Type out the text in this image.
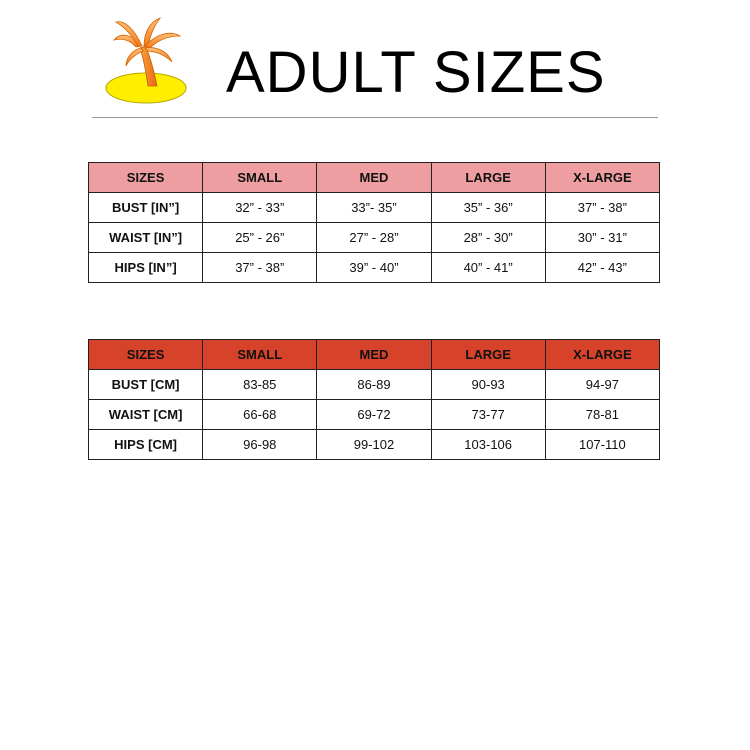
ADULT SIZES
SIZES	SMALL	MED	LARGE	X-LARGE
BUST [IN”]	32” - 33”	33”- 35”	35” - 36”	37” - 38”
WAIST [IN”]	25” - 26”	27” - 28”	28” - 30”	30” - 31”
HIPS [IN”]	37” - 38”	39” - 40”	40” - 41”	42” - 43”
SIZES	SMALL	MED	LARGE	X-LARGE
BUST [CM]	83-85	86-89	90-93	94-97
WAIST [CM]	66-68	69-72	73-77	78-81
HIPS [CM]	96-98	99-102	103-106	107-110
